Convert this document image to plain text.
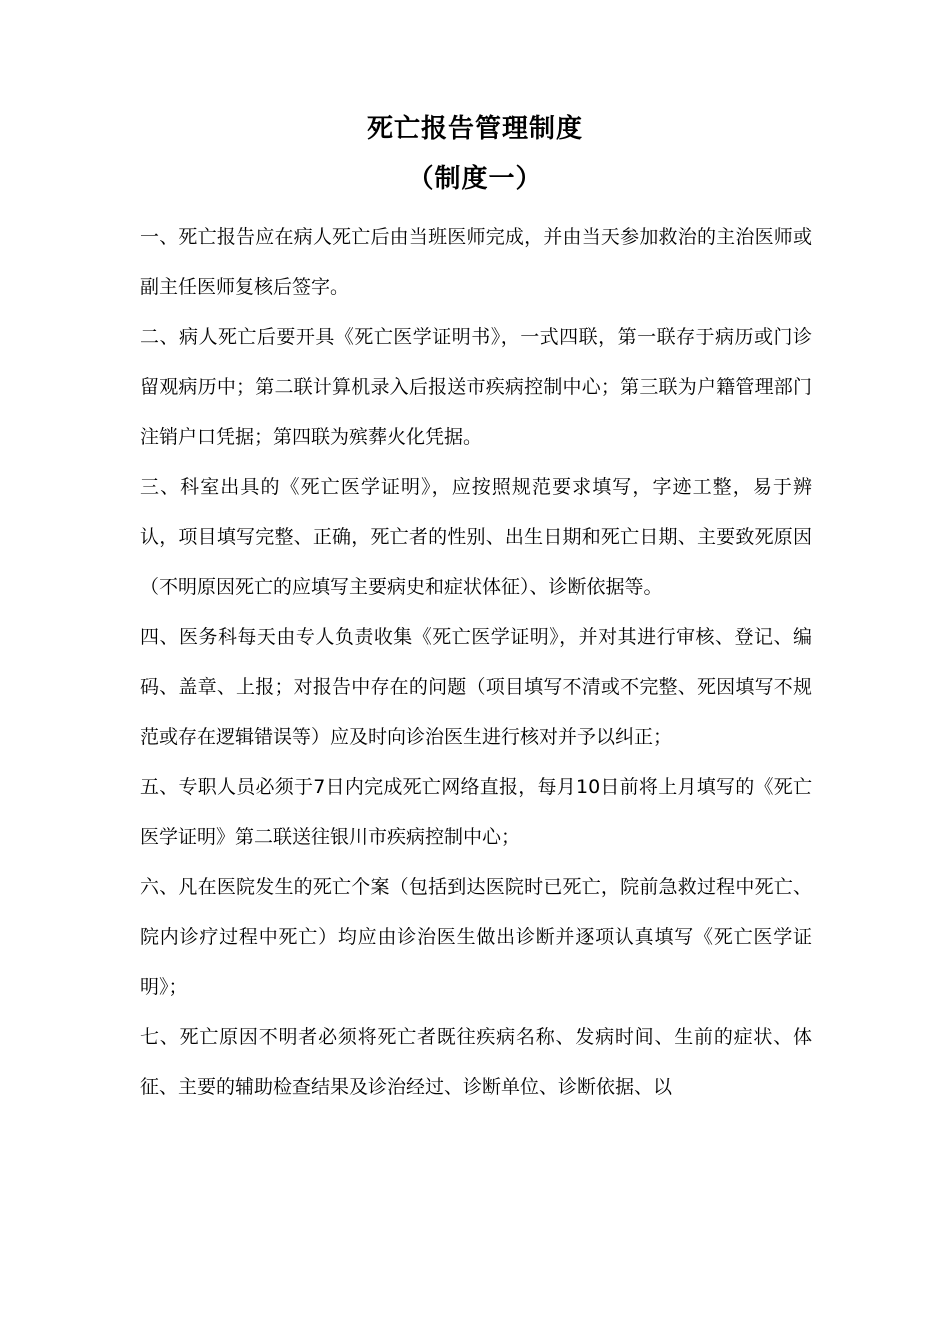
死亡报告管理制度
（制度一）

一、死亡报告应在病人死亡后由当班医师完成，并由当天参加救治的主治医师或副主任医师复核后签字。

二、病人死亡后要开具《死亡医学证明书》，一式四联，第一联存于病历或门诊留观病历中；第二联计算机录入后报送市疾病控制中心；第三联为户籍管理部门注销户口凭据；第四联为殡葬火化凭据。

三、科室出具的《死亡医学证明》，应按照规范要求填写，字迹工整，易于辨认，项目填写完整、正确，死亡者的性别、出生日期和死亡日期、主要致死原因（不明原因死亡的应填写主要病史和症状体征）、诊断依据等。

四、医务科每天由专人负责收集《死亡医学证明》，并对其进行审核、登记、编码、盖章、上报；对报告中存在的问题（项目填写不清或不完整、死因填写不规范或存在逻辑错误等）应及时向诊治医生进行核对并予以纠正；

五、专职人员必须于7日内完成死亡网络直报，每月10日前将上月填写的《死亡医学证明》第二联送往银川市疾病控制中心；

六、凡在医院发生的死亡个案（包括到达医院时已死亡，院前急救过程中死亡、院内诊疗过程中死亡）均应由诊治医生做出诊断并逐项认真填写《死亡医学证明》；

七、死亡原因不明者必须将死亡者既往疾病名称、发病时间、生前的症状、体征、主要的辅助检查结果及诊治经过、诊断单位、诊断依据、以
